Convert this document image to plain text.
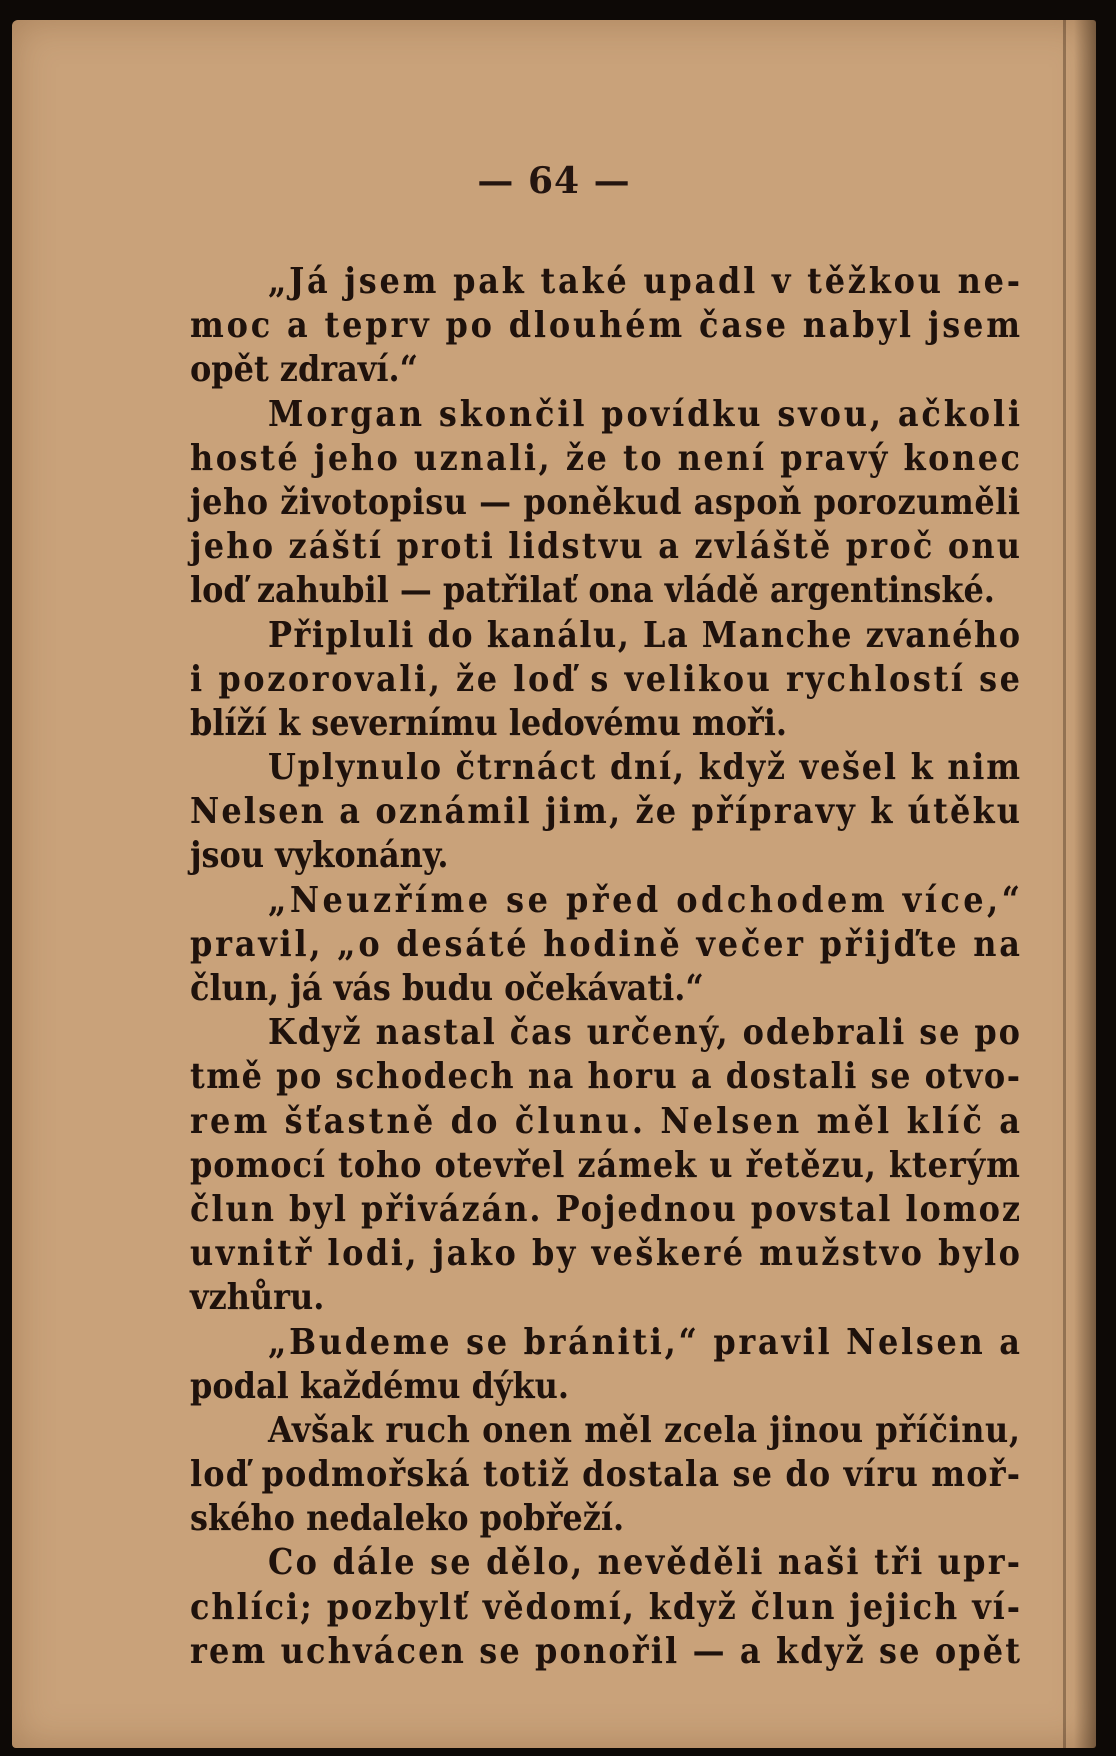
— 64 —
„Já jsem pak také upadl v těžkou ne-
moc a teprv po dlouhém čase nabyl jsem
opět zdraví.“
Morgan skončil povídku svou, ačkoli
hosté jeho uznali, že to není pravý konec
jeho životopisu — poněkud aspoň porozuměli
jeho záští proti lidstvu a zvláště proč onu
loď zahubil — patřilať ona vládě argentinské.
Připluli do kanálu, La Manche zvaného
i pozorovali, že loď s velikou rychlostí se
blíží k severnímu ledovému moři.
Uplynulo čtrnáct dní, když vešel k nim
Nelsen a oznámil jim, že přípravy k útěku
jsou vykonány.
„Neuzříme se před odchodem více,“
pravil, „o desáté hodině večer přijďte na
člun, já vás budu očekávati.“
Když nastal čas určený, odebrali se po
tmě po schodech na horu a dostali se otvo-
rem šťastně do člunu. Nelsen měl klíč a
pomocí toho otevřel zámek u řetězu, kterým
člun byl přivázán. Pojednou povstal lomoz
uvnitř lodi, jako by veškeré mužstvo bylo
vzhůru.
„Budeme se brániti,“ pravil Nelsen a
podal každému dýku.
Avšak ruch onen měl zcela jinou příčinu,
loď podmořská totiž dostala se do víru moř-
ského nedaleko pobřeží.
Co dále se dělo, nevěděli naši tři upr-
chlíci; pozbylť vědomí, když člun jejich ví-
rem uchvácen se ponořil — a když se opět
